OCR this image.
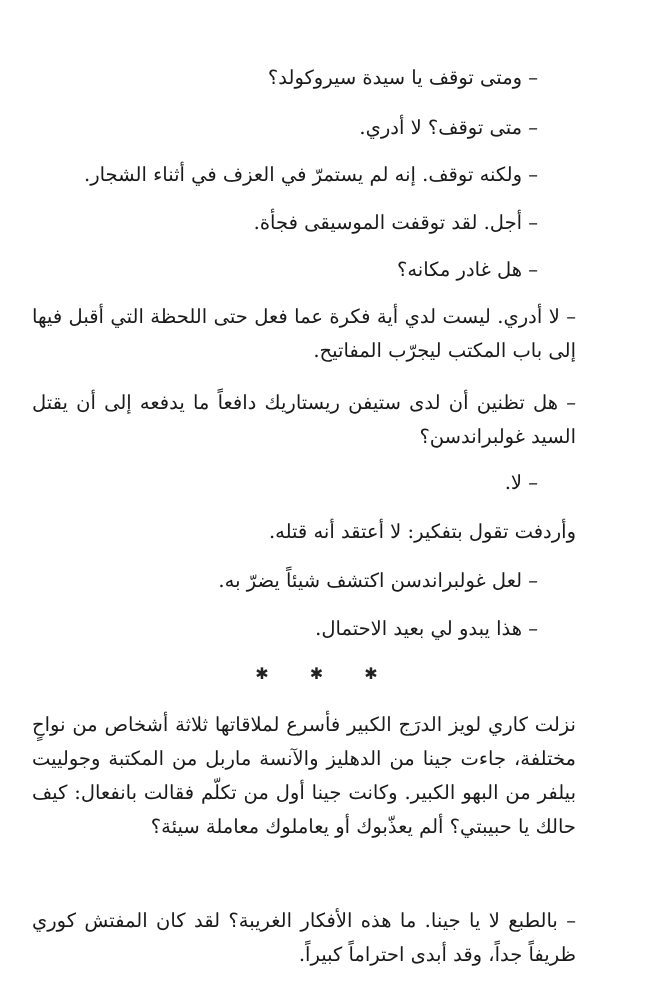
– ومتى توقف يا سيدة سيروكولد؟
– متى توقف؟ لا أدري.
– ولكنه توقف. إنه لم يستمرّ في العزف في أثناء الشجار.
– أجل. لقد توقفت الموسيقى فجأة.
– هل غادر مكانه؟
– لا أدري. ليست لدي أية فكرة عما فعل حتى اللحظة التي أقبل فيها إلى باب المكتب ليجرّب المفاتيح.
– هل تظنين أن لدى ستيفن ريستاريك دافعاً ما يدفعه إلى أن يقتل السيد غولبراندسن؟
– لا.
وأردفت تقول بتفكير: لا أعتقد أنه قتله.
– لعل غولبراندسن اكتشف شيئاً يضرّ به.
– هذا يبدو لي بعيد الاحتمال.
✱ ✱ ✱
نزلت كاري لويز الدرَج الكبير فأسرع لملاقاتها ثلاثة أشخاص من نواحٍ مختلفة، جاءت جينا من الدهليز والآنسة ماربل من المكتبة وجولييت بيلفر من البهو الكبير. وكانت جينا أول من تكلّم فقالت بانفعال: كيف حالك يا حبيبتي؟ ألم يعذّبوك أو يعاملوك معاملة سيئة؟
– بالطبع لا يا جينا. ما هذه الأفكار الغريبة؟ لقد كان المفتش كوري ظريفاً جداً، وقد أبدى احتراماً كبيراً.
